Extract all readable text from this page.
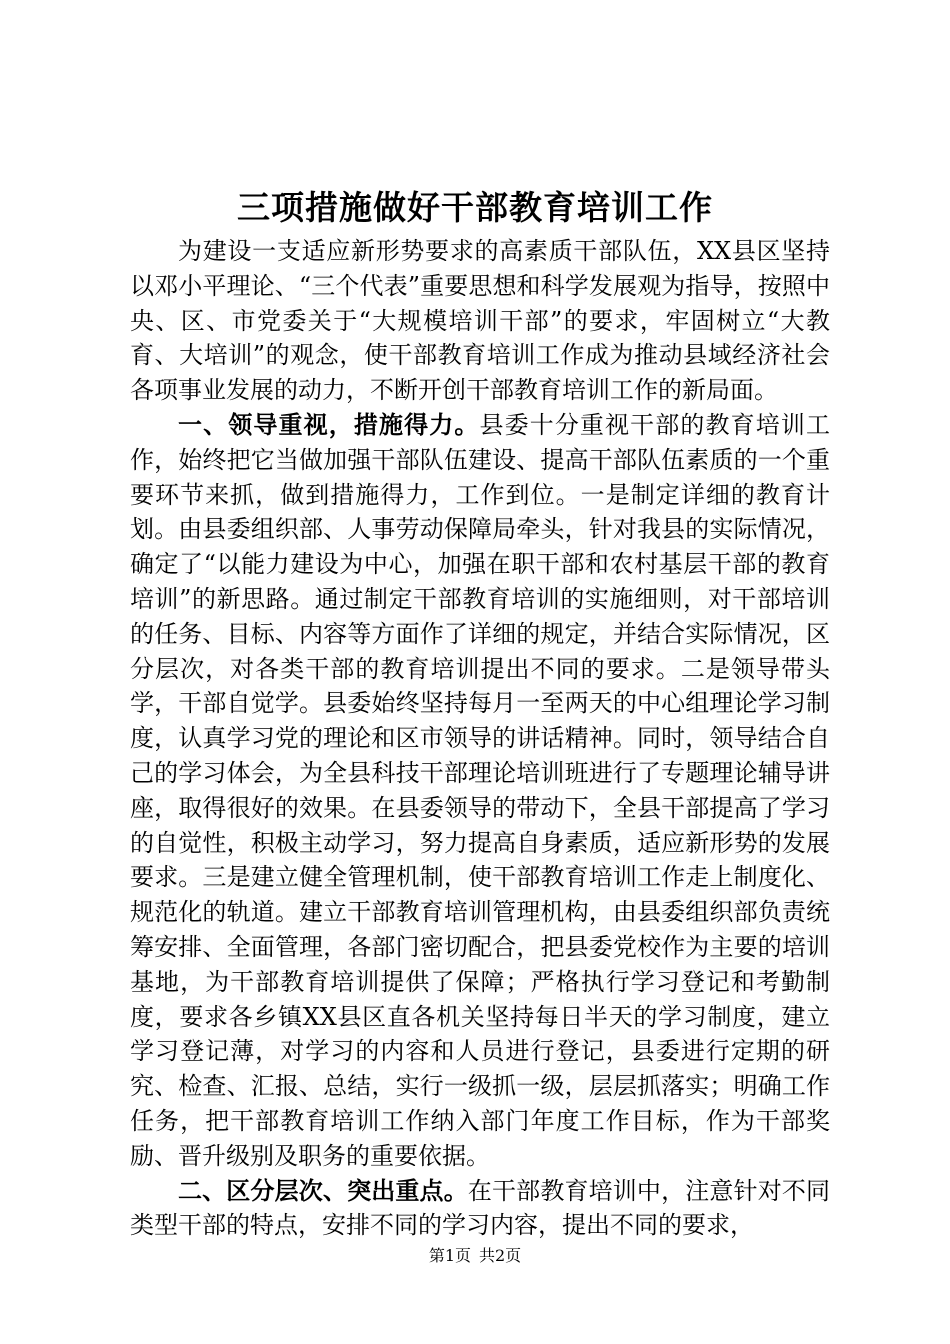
三项措施做好干部教育培训工作

为建设一支适应新形势要求的高素质干部队伍，XX县区坚持以邓小平理论、“三个代表”重要思想和科学发展观为指导，按照中央、区、市党委关于“大规模培训干部”的要求，牢固树立“大教育、大培训”的观念，使干部教育培训工作成为推动县域经济社会各项事业发展的动力，不断开创干部教育培训工作的新局面。

一、领导重视，措施得力。县委十分重视干部的教育培训工作，始终把它当做加强干部队伍建设、提高干部队伍素质的一个重要环节来抓，做到措施得力，工作到位。一是制定详细的教育计划。由县委组织部、人事劳动保障局牵头，针对我县的实际情况，确定了“以能力建设为中心，加强在职干部和农村基层干部的教育培训”的新思路。通过制定干部教育培训的实施细则，对干部培训的任务、目标、内容等方面作了详细的规定，并结合实际情况，区分层次，对各类干部的教育培训提出不同的要求。二是领导带头学，干部自觉学。县委始终坚持每月一至两天的中心组理论学习制度，认真学习党的理论和区市领导的讲话精神。同时，领导结合自己的学习体会，为全县科技干部理论培训班进行了专题理论辅导讲座，取得很好的效果。在县委领导的带动下，全县干部提高了学习的自觉性，积极主动学习，努力提高自身素质，适应新形势的发展要求。三是建立健全管理机制，使干部教育培训工作走上制度化、规范化的轨道。建立干部教育培训管理机构，由县委组织部负责统筹安排、全面管理，各部门密切配合，把县委党校作为主要的培训基地，为干部教育培训提供了保障；严格执行学习登记和考勤制度，要求各乡镇XX县区直各机关坚持每日半天的学习制度，建立学习登记薄，对学习的内容和人员进行登记，县委进行定期的研究、检查、汇报、总结，实行一级抓一级，层层抓落实；明确工作任务，把干部教育培训工作纳入部门年度工作目标，作为干部奖励、晋升级别及职务的重要依据。

二、区分层次、突出重点。在干部教育培训中，注意针对不同类型干部的特点，安排不同的学习内容，提出不同的要求，

第1页 共2页
